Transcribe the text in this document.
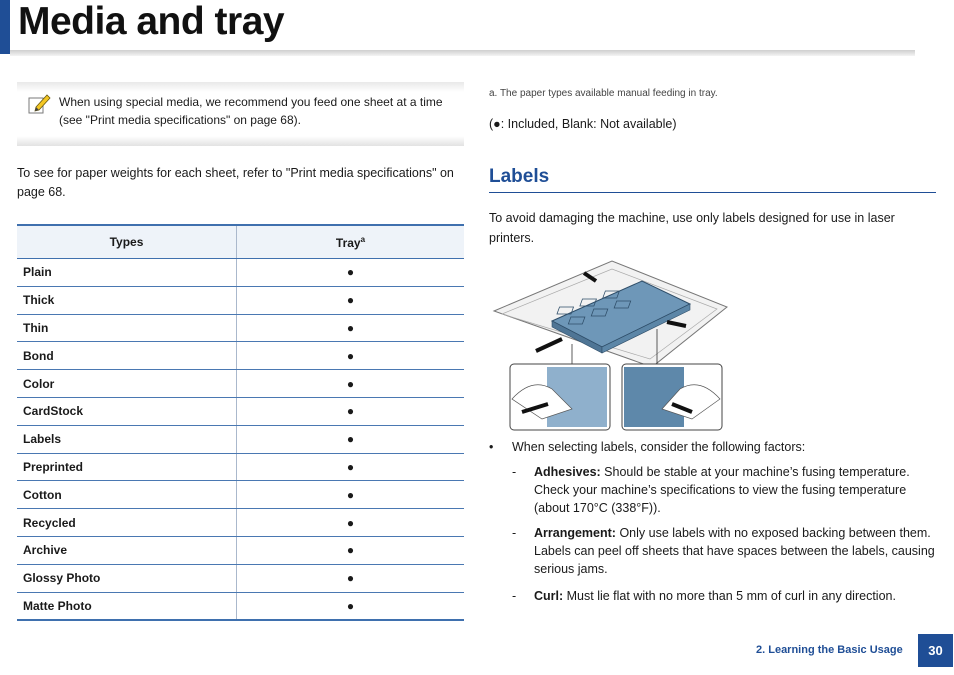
Media and tray
When using special media, we recommend you feed one sheet at a time (see "Print media specifications" on page 68).
To see for paper weights for each sheet, refer to "Print media specifications" on page 68.
Types	Tray$^a$
Plain	●
Thick	●
Thin	●
Bond	●
Color	●
CardStock	●
Labels	●
Preprinted	●
Cotton	●
Recycled	●
Archive	●
Glossy Photo	●
Matte Photo	●
a. The paper types available manual feeding in tray.
(●: Included, Blank: Not available)
Labels
To avoid damaging the machine, use only labels designed for use in laser printers.
• When selecting labels, consider the following factors:
- Adhesives: Should be stable at your machine’s fusing temperature. Check your machine’s specifications to view the fusing temperature (about 170°C (338°F)).
- Arrangement: Only use labels with no exposed backing between them. Labels can peel off sheets that have spaces between the labels, causing serious jams.
- Curl: Must lie flat with no more than 5 mm of curl in any direction.
2. Learning the Basic Usage	30
